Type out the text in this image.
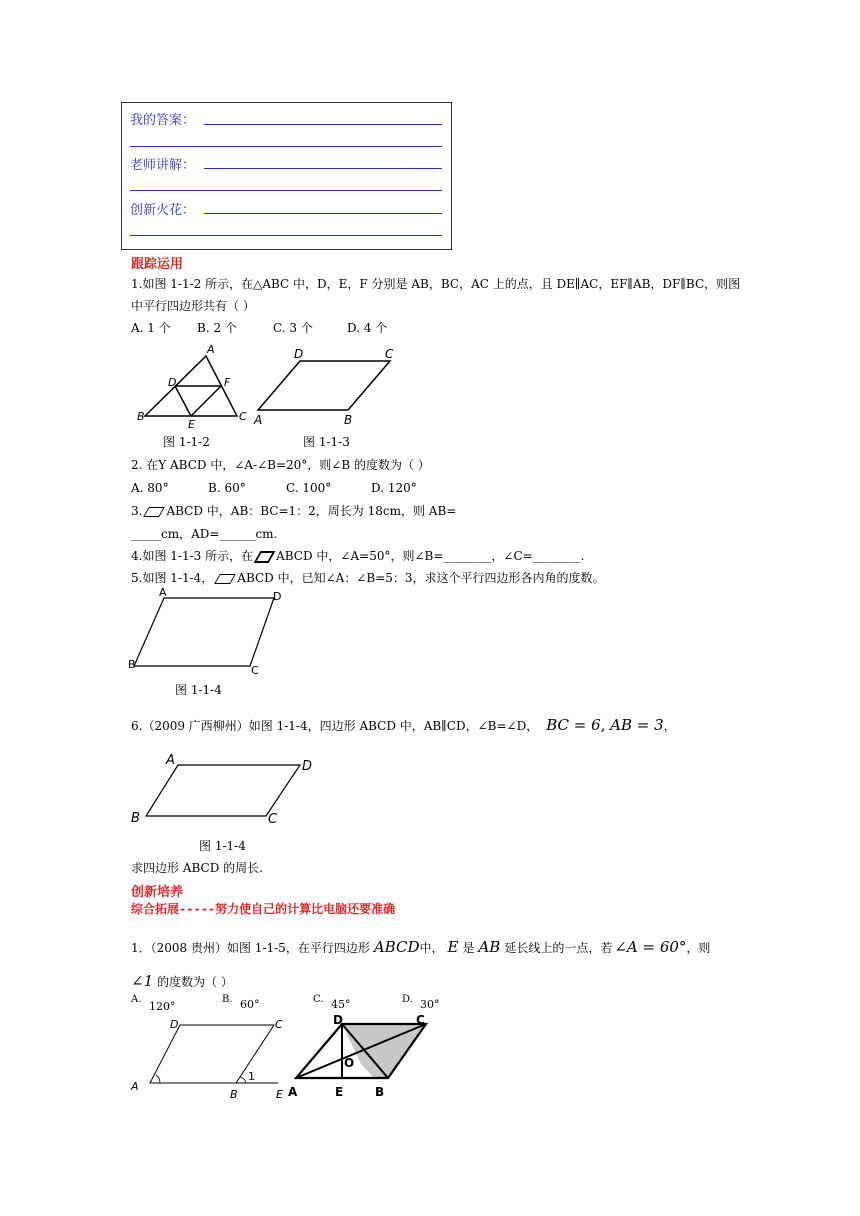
我的答案：
老师讲解：
创新火花：
跟踪运用
1.如图 1-1-2 所示，在△ABC 中，D，E，F 分别是 AB，BC，AC 上的点，且 DE∥AC，EF∥AB，DF∥BC，则图
中平行四边形共有（ ）
A. 1 个 B. 2 个	C. 3 个	D. 4 个
A
B	C
D
E
F
图 1-1-2
D	C
A	B
图 1-1-3
2. 在Y ABCD 中，∠A-∠B=20°，则∠B 的度数为（ ）
A. 80°	B. 60°	C. 100°	D. 120°
3. ABCD 中，AB：BC=1：2，周长为 18cm，则 AB=
_____cm，AD=______cm.
4.如图 1-1-3 所示，在 ABCD 中，∠A=50°，则∠B=________，∠C=________.
5.如图 1-1-4， ABCD 中，已知∠A：∠B=5：3，求这个平行四边形各内角的度数。
A	D
B	C
图 1-1-4
6.（2009 广西柳州）如图 1-1-4，四边形 ABCD 中，AB∥CD，∠B=∠D， BC = 6, AB = 3，
A	D
B	C
图 1-1-4
求四边形 ABCD 的周长.
创新培养
综合拓展-----努力使自己的计算比电脑还要准确
1．（2008 贵州）如图 1-1-5，在平行四边形 ABCD中， E 是 AB 延长线上的一点，若 ∠A = 60°，则
∠1 的度数为（ ）
A.
120°
B. 60°	C. 45°	D. 30°
D	C
A
B	E
1
D	C
O
A	E	B
